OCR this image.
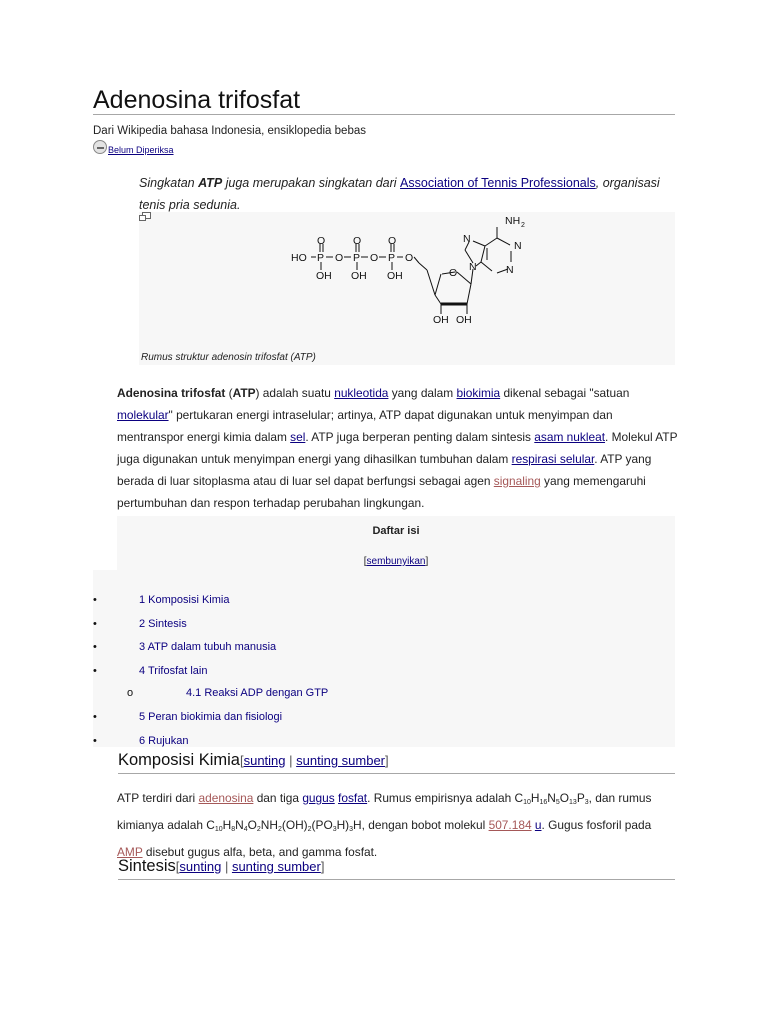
Adenosina trifosfat
Dari Wikipedia bahasa Indonesia, ensiklopedia bebas
Belum Diperiksa
Singkatan ATP juga merupakan singkatan dari Association of Tennis Professionals, organisasi tenis pria sedunia.
NH 2
N
N
N	N
O
HO P	P	P
O	O	O
O	O	O
OH OH OH
OH OH
Rumus struktur adenosin trifosfat (ATP)
Adenosina trifosfat (ATP) adalah suatu nukleotida yang dalam biokimia dikenal sebagai "satuan molekular" pertukaran energi intraselular; artinya, ATP dapat digunakan untuk menyimpan dan mentranspor energi kimia dalam sel. ATP juga berperan penting dalam sintesis asam nukleat. Molekul ATP juga digunakan untuk menyimpan energi yang dihasilkan tumbuhan dalam respirasi selular. ATP yang berada di luar sitoplasma atau di luar sel dapat berfungsi sebagai agen signaling yang memengaruhi pertumbuhan dan respon terhadap perubahan lingkungan.
Daftar isi
[sembunyikan]
•	1 Komposisi Kimia
•	2 Sintesis
•	3 ATP dalam tubuh manusia
•	4 Trifosfat lain
o	4.1 Reaksi ADP dengan GTP
•	5 Peran biokimia dan fisiologi
•	6 Rujukan
Komposisi Kimia[sunting | sunting sumber]
ATP terdiri dari adenosina dan tiga gugus fosfat. Rumus empirisnya adalah $C_{10}H_{16}N_5O_{13}P_3$, dan rumus kimianya adalah $C_{10}H_8N_4O_2NH_2(OH)_2(PO_3H)_3H$, dengan bobot molekul 507.184 u. Gugus fosforil pada AMP disebut gugus alfa, beta, and gamma fosfat.
Sintesis[sunting | sunting sumber]
